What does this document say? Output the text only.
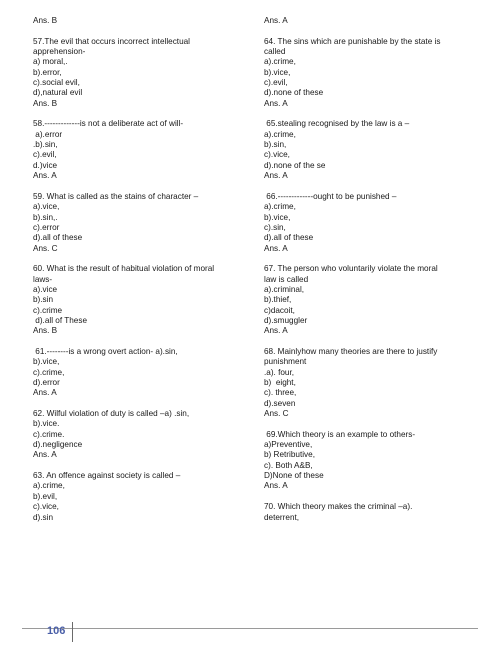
Ans. B
57.The evil that occurs incorrect intellectual
apprehension-
a) moral,.
b).error,
c).social evil,
d),natural evil
Ans. B
58.-------------is not a deliberate act of will-
a).error
.b).sin,
c).evil,
d.)vice
Ans. A
59. What is called as the stains of character –
a).vice,
b).sin,.
c).error
d).all of these
Ans. C
60. What is the result of habitual violation of moral
laws-
a).vice
b).sin
c).crime
d).all of These
Ans. B
61.--------is a wrong overt action- a).sin,
b).vice,
c).crime,
d).error
Ans. A
62. Wilful violation of duty is called –a) .sin,
b).vice.
c).crime.
d).negligence
Ans. A
63. An offence against society is called –
a).crime,
b).evil,
c).vice,
d).sin
Ans. A
64. The sins which are punishable by the state is
called
a).crime,
b).vice,
c).evil,
d).none of these
Ans. A
65.stealing recognised by the law is a –
a).crime,
b).sin,
c).vice,
d).none of the se
Ans. A
66.-------------ought to be punished –
a).crime,
b).vice,
c).sin,
d).all of these
Ans. A
67. The person who voluntarily violate the moral
law is called
a).criminal,
b).thief,
c)dacoit,
d).smuggler
Ans. A
68. Mainlyhow many theories are there to justify
punishment
.a). four,
b)  eight,
c). three,
d).seven
Ans. C
69.Which theory is an example to others-
a)Preventive,
b) Retributive,
c). Both A&B,
D)None of these
Ans. A
70. Which theory makes the criminal –a).
deterrent,
106
